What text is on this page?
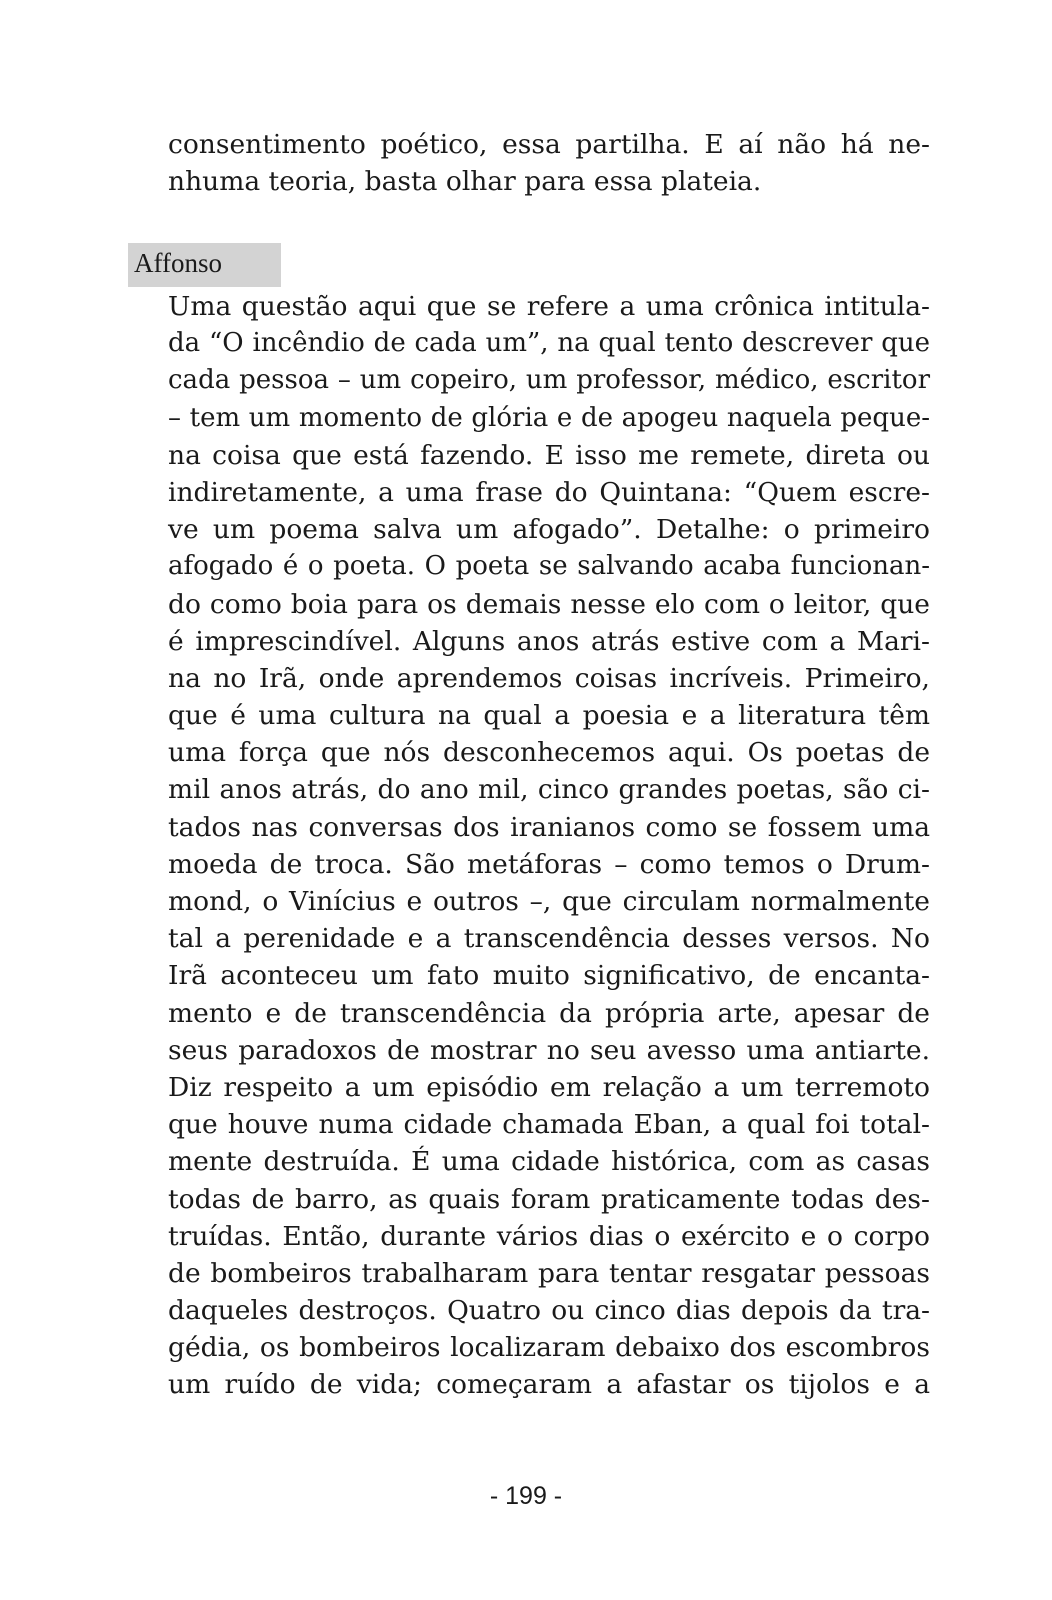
consentimento poético, essa partilha. E aí não há ne-
nhuma teoria, basta olhar para essa plateia.
Affonso
Uma questão aqui que se refere a uma crônica intitula-
da “O incêndio de cada um”, na qual tento descrever que
cada pessoa – um copeiro, um professor, médico, escritor
– tem um momento de glória e de apogeu naquela peque-
na coisa que está fazendo. E isso me remete, direta ou
indiretamente, a uma frase do Quintana: “Quem escre-
ve um poema salva um afogado”. Detalhe: o primeiro
afogado é o poeta. O poeta se salvando acaba funcionan-
do como boia para os demais nesse elo com o leitor, que
é imprescindível. Alguns anos atrás estive com a Mari-
na no Irã, onde aprendemos coisas incríveis. Primeiro,
que é uma cultura na qual a poesia e a literatura têm
uma força que nós desconhecemos aqui. Os poetas de
mil anos atrás, do ano mil, cinco grandes poetas, são ci-
tados nas conversas dos iranianos como se fossem uma
moeda de troca. São metáforas – como temos o Drum-
mond, o Vinícius e outros –, que circulam normalmente
tal a perenidade e a transcendência desses versos. No
Irã aconteceu um fato muito significativo, de encanta-
mento e de transcendência da própria arte, apesar de
seus paradoxos de mostrar no seu avesso uma antiarte.
Diz respeito a um episódio em relação a um terremoto
que houve numa cidade chamada Eban, a qual foi total-
mente destruída. É uma cidade histórica, com as casas
todas de barro, as quais foram praticamente todas des-
truídas. Então, durante vários dias o exército e o corpo
de bombeiros trabalharam para tentar resgatar pessoas
daqueles destroços. Quatro ou cinco dias depois da tra-
gédia, os bombeiros localizaram debaixo dos escombros
um ruído de vida; começaram a afastar os tijolos e a
- 199 -
